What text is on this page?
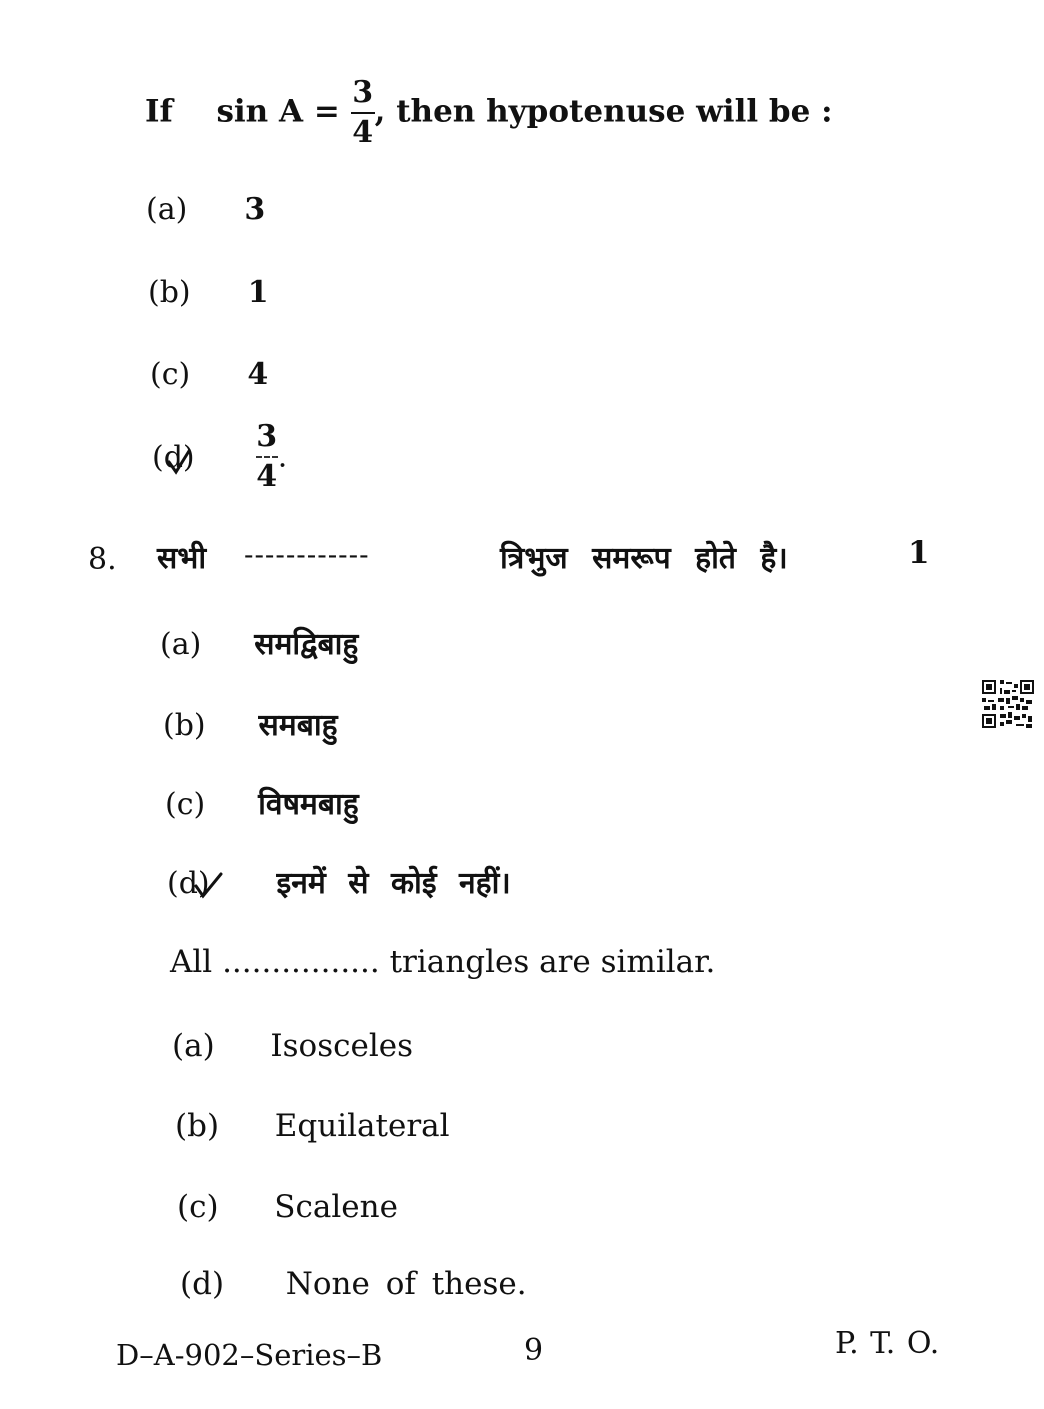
If $\sin A = \frac{3}{4}$ , then hypotenuse will be :
(a) 3
(b) 1
(c) 4
$(d) \frac{3}{4}$ .
8. सभी ------------	त्रिभुज समरूप होते है।	1
(a) समद्विबाहु
(b) समबाहु
(c) विषमबाहु
(d) इनमें से कोई नहीं।
All ................ triangles are similar.
(a) Isosceles
(b) Equilateral
(c) Scalene
(d) None of these.
D–A-902–Series–B	9	P. T. O.
